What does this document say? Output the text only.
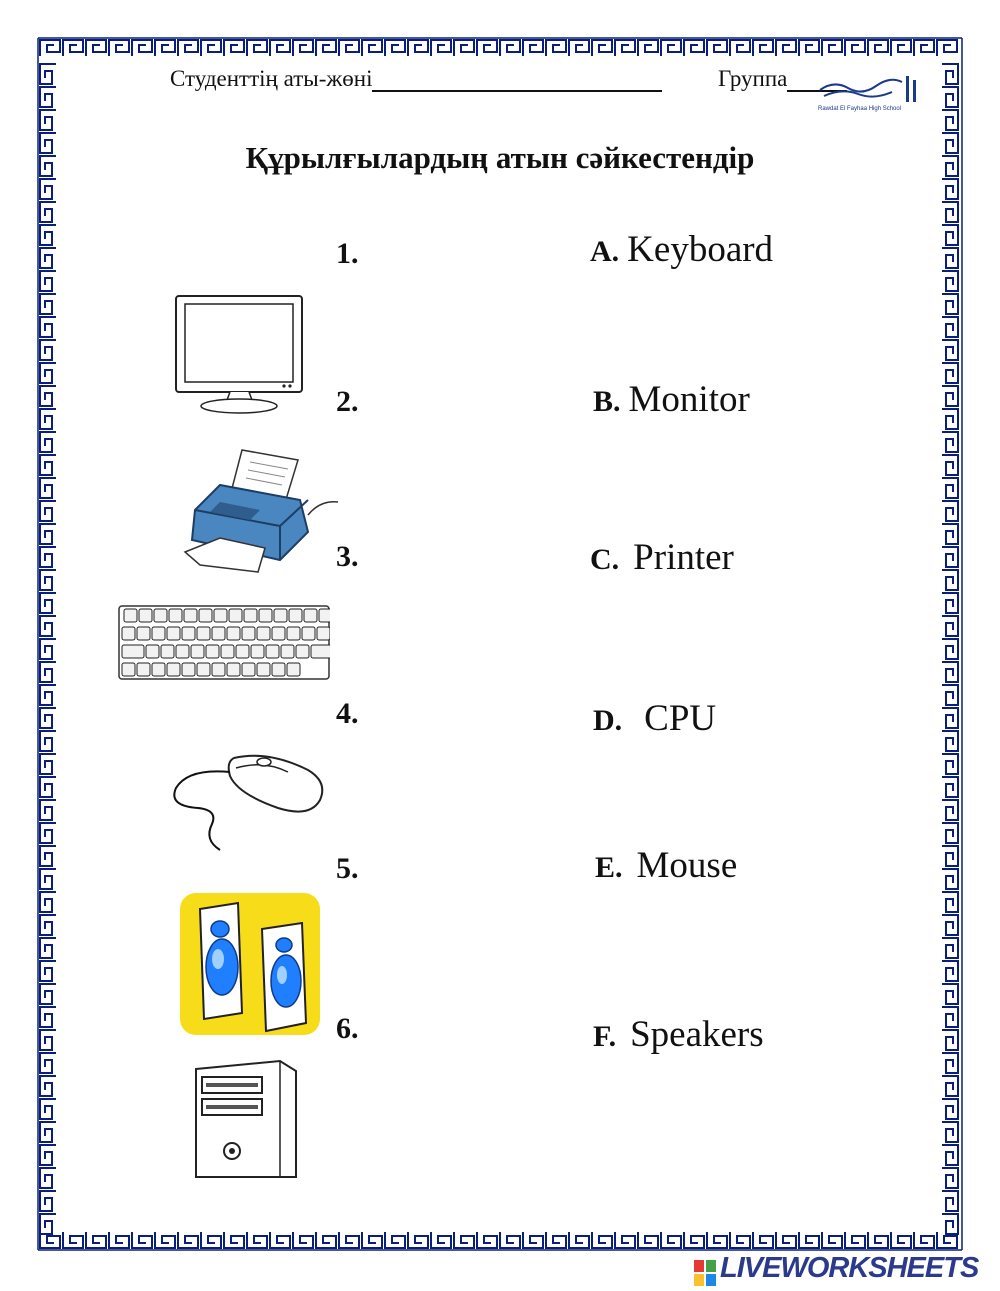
Студенттің аты-жөні	Группа
Rawdat El Fayhaa High School
Құрылғылардың атын сәйкестендір
1.
2.
3.
4.
5.
6.
A. Keyboard
B. Monitor
C. Printer
D. CPU
E. Mouse
F. Speakers
LIVEWORKSHEETS
